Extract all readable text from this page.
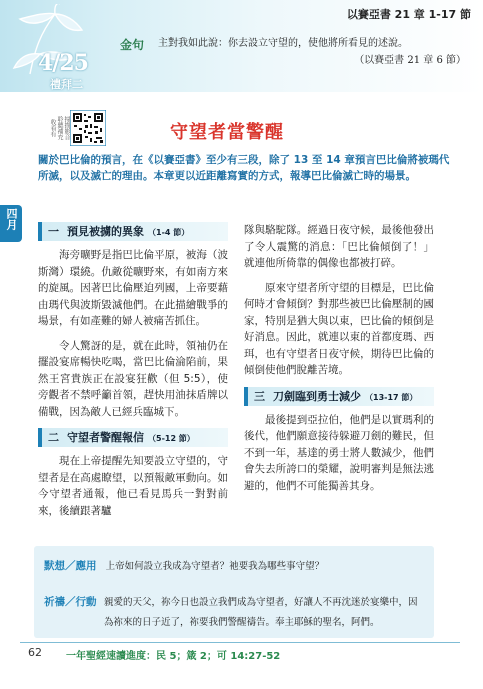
4/25
禮拜二
以賽亞書 21 章 1-17 節
金句 主對我如此說：你去設立守望的，使他將所看見的述說。
（以賽亞書 21 章 6 節）
掃描影音
聆聽補充
收看有	守望者當警醒
關於巴比倫的預言，在《以賽亞書》至少有三段，除了 13 至 14 章預言巴比倫將被瑪代所滅，以及滅亡的理由。本章更以近距離寫實的方式，報導巴比倫滅亡時的場景。
四月
一 預見被擄的異象 （1-4 節）

海旁曠野是指巴比倫平原，被海（波斯灣）環繞。仇敵從曠野來，有如南方來的旋風。因著巴比倫壓迫列國，上帝要藉由瑪代與波斯毀滅他們。在此描繪戰爭的場景，有如產難的婦人被痛苦抓住。

令人驚訝的是，就在此時，領袖仍在擺設宴席暢快吃喝，當巴比倫淪陷前，果然王宮貴族正在設宴狂歡（但 5:5），使旁觀者不禁呼籲首領，趕快用油抹盾牌以備戰，因為敵人已經兵臨城下。

二 守望者警醒報信 （5-12 節）

現在上帝提醒先知要設立守望的，守望者是在高處瞭望，以預報敵軍動向。如今守望者通報，他已看見馬兵一對對前來，後續跟著驢

隊與駱駝隊。經過日夜守候，最後他發出了令人震驚的消息：「巴比倫傾倒了！」就連他所倚靠的偶像也都被打碎。

原來守望者所守望的目標是，巴比倫何時才會傾倒？對那些被巴比倫壓制的國家，特別是猶大與以東，巴比倫的傾倒是好消息。因此，就連以東的首都度瑪、西珥，也有守望者日夜守候，期待巴比倫的傾倒使他們脫離苦境。

三 刀劍臨到勇士減少 （13-17 節）

最後提到亞拉伯，他們是以實瑪利的後代，他們願意接待躲避刀劍的難民，但不到一年，基達的勇士將人數減少，他們會失去所誇口的榮耀，說明審判是無法逃避的，他們不可能獨善其身。

默想／應用 上帝如何設立我成為守望者？祂要我為哪些事守望？
祈禱／行動 親愛的天父，祢今日也設立我們成為守望者，好讓人不再沈迷於宴樂中，因為祢來的日子近了，祢要我們警醒禱告。奉主耶穌的聖名，阿們。
62 一年聖經速讀進度：民 5；箴 2；可 14:27-52
